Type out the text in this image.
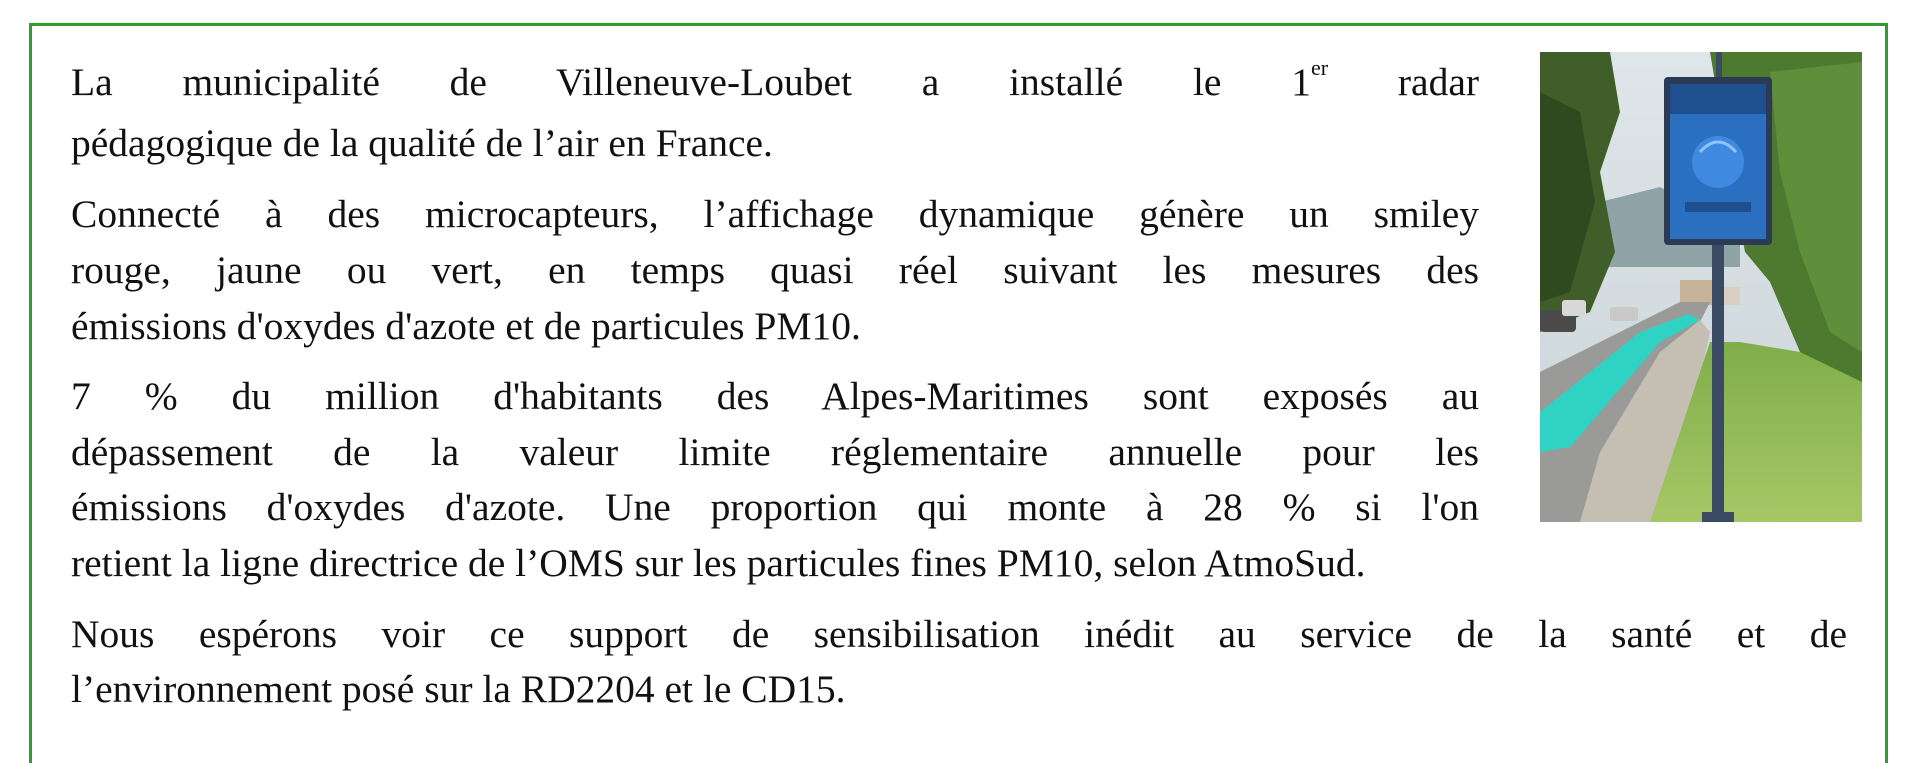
La municipalité de Villeneuve-Loubet a installé le 1er radar
pédagogique de la qualité de l’air en France.
Connecté à des microcapteurs, l’affichage dynamique génère un smiley
rouge, jaune ou vert, en temps quasi réel suivant les mesures des
émissions d'oxydes d'azote et de particules PM10.
7 % du million d'habitants des Alpes-Maritimes sont exposés au
dépassement de la valeur limite réglementaire annuelle pour les
émissions d'oxydes d'azote. Une proportion qui monte à 28 % si l'on
retient la ligne directrice de l’OMS sur les particules fines PM10, selon AtmoSud.
Nous espérons voir ce support de sensibilisation inédit au service de la santé et de
l’environnement posé sur la RD2204 et le CD15.
